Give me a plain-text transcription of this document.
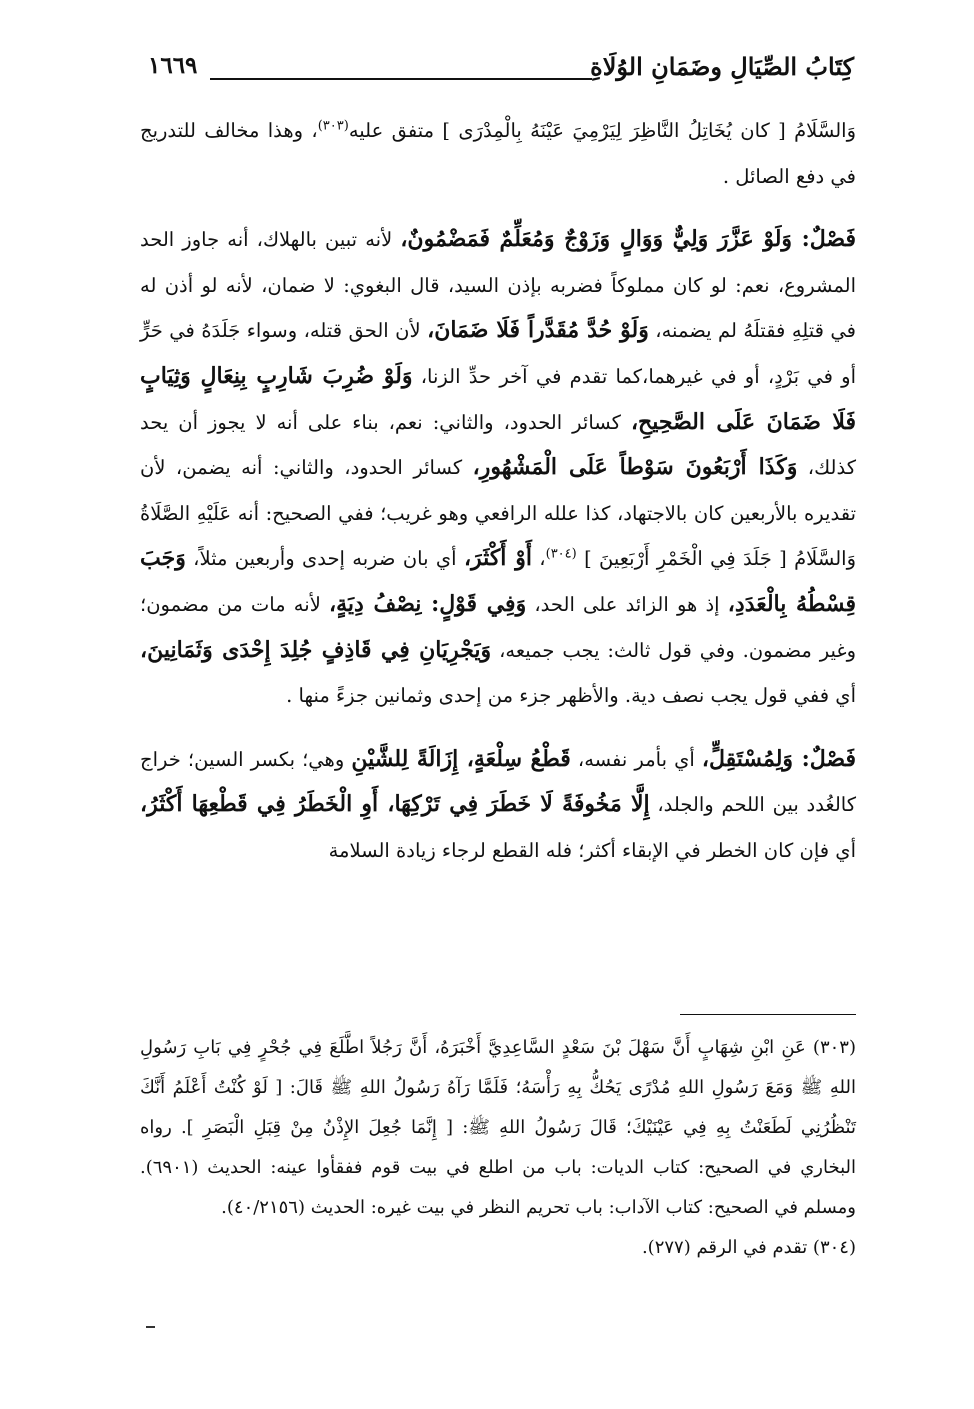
كِتَابُ الصِّيَالِ وضَمَانِ الوُلَاةِ
١٦٦٩

وَالسَّلَامُ [ كان يُخَاتِلُ النَّاظِرَ لِيَرْمِيَ عَيْنَهُ بِالْمِدْرَى ] متفق عليه$^{(٣٠٣)}$، وهذا مخالف للتدريج في دفع الصائل .

فَصْلٌ: وَلَوْ عَزَّرَ وَلِيٌّ وَوَالٍ وَزَوْجٌ وَمُعَلِّمٌ فَمَضْمُونٌ، لأنه تبين بالهلاك، أنه جاوز الحد المشروع، نعم: لو كان مملوكاً فضربه بإذن السيد، قال البغوي: لا ضمان، لأنه لو أذن له في قتلِهِ فقتلَهُ لم يضمنه، وَلَوْ حُدَّ مُقَدَّراً فَلَا ضَمَانَ، لأن الحق قتله، وسواء جَلَدَهُ في حَرٍّ أو في بَرْدٍ، أو في غيرهما،كما تقدم في آخر حدِّ الزنا، وَلَوْ ضُرِبَ شَارِبٍ بِنِعَالٍ وَثِيَابٍ فَلَا ضَمَانَ عَلَى الصَّحِيحِ، كسائر الحدود، والثاني: نعم، بناء على أنه لا يجوز أن يحد كذلك، وَكَذَا أَرْبَعُونَ سَوْطاً عَلَى الْمَشْهُورِ، كسائر الحدود، والثاني: أنه يضمن، لأن تقديره بالأربعين كان بالاجتهاد، كذا علله الرافعي وهو غريب؛ ففي الصحيح: أنه عَلَيْهِ الصَّلَاةُ وَالسَّلَامُ [ جَلَدَ فِي الْخَمْرِ أَرْبَعِينَ ] $^{(٣٠٤)}$، أَوْ أَكْثَرَ، أي بان ضربه إحدى وأربعين مثلاً، وَجَبَ قِسْطُهُ بِالْعَدَدِ، إذ هو الزائد على الحد، وَفِي قَوْلٍ: نِصْفُ دِيَةٍ، لأنه مات من مضمون؛ وغير مضمون. وفي قول ثالث: يجب جميعه، وَيَجْرِيَانِ فِي قَاذِفٍ جُلِدَ إِحْدَى وَثَمَانِينَ، أي ففي قول يجب نصف دية. والأظهر جزء من إحدى وثمانين جزءً منها .

فَصْلٌ: وَلِمُسْتَقِلٍّ، أي بأمر نفسه، قَطْعُ سِلْعَةٍ، إِزَالَةً لِلشَّيْنِ وهي؛ بكسر السين؛ خراج كالغُدد بين اللحم والجلد، إِلَّا مَخُوفَةً لَا خَطَرَ فِي تَرْكِهَا، أَوِ الْخَطَرُ فِي قَطْعِهَا أَكْثَرُ، أي فإن كان الخطر في الإبقاء أكثر؛ فله القطع لرجاء زيادة السلامة

(٣٠٣) عَنِ ابْنِ شِهَابٍ أَنَّ سَهْلَ بْنَ سَعْدٍ السَّاعِدِيَّ أَخْبَرَهُ، أَنَّ رَجُلاً اطَّلَعَ فِي جُحْرٍ فِي بَابِ رَسُولِ اللهِ ﷺ وَمَعَ رَسُولِ اللهِ مُدْرًى يَحُكُّ بِهِ رَأْسَهُ؛ فَلَمَّا رَآهُ رَسُولُ اللهِ ﷺ قَالَ: [ لَوْ كُنْتُ أَعْلَمُ أَنَّكَ تَنْظُرُنِي لَطَعَنْتُ بِهِ فِي عَيْنَيْكَ؛ قَالَ رَسُولُ اللهِ ﷺ: [ إِنَّمَا جُعِلَ الإِذْنُ مِنْ قِبَلِ الْبَصَرِ ]. رواه البخاري في الصحيح: كتاب الديات: باب من اطلع في بيت قوم ففقأوا عينه: الحديث (٦٩٠١). ومسلم في الصحيح: كتاب الآداب: باب تحريم النظر في بيت غيره: الحديث (٤٠/٢١٥٦).

(٣٠٤) تقدم في الرقم (٢٧٧).
